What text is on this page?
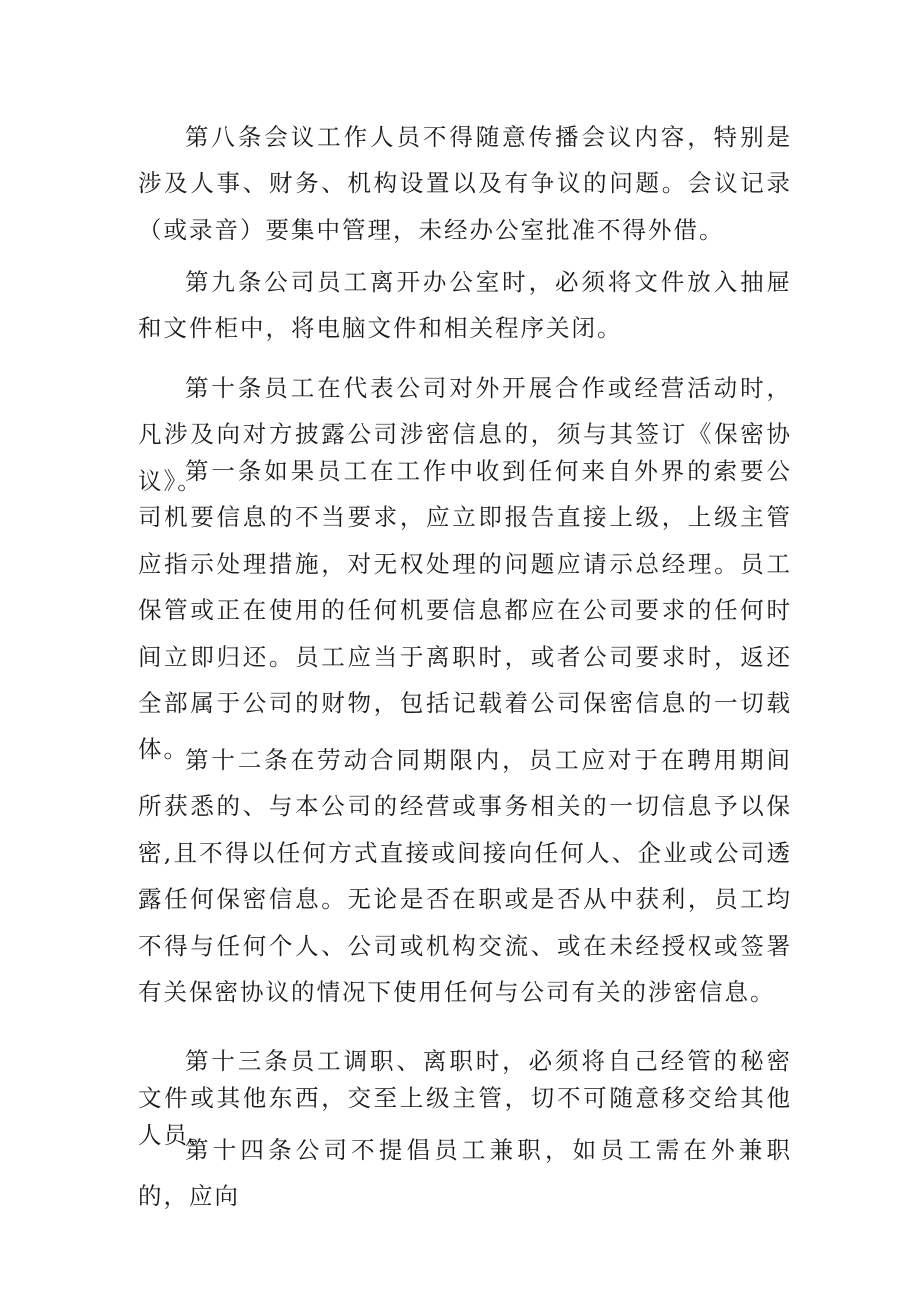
第八条会议工作人员不得随意传播会议内容，特别是涉及人事、财务、机构设置以及有争议的问题。会议记录（或录音）要集中管理，未经办公室批准不得外借。

第九条公司员工离开办公室时，必须将文件放入抽屉和文件柜中，将电脑文件和相关程序关闭。

第十条员工在代表公司对外开展合作或经营活动时，凡涉及向对方披露公司涉密信息的，须与其签订《保密协议》。

第一条如果员工在工作中收到任何来自外界的索要公司机要信息的不当要求，应立即报告直接上级，上级主管应指示处理措施，对无权处理的问题应请示总经理。员工保管或正在使用的任何机要信息都应在公司要求的任何时间立即归还。员工应当于离职时，或者公司要求时，返还全部属于公司的财物，包括记载着公司保密信息的一切载体。

第十二条在劳动合同期限内，员工应对于在聘用期间所获悉的、与本公司的经营或事务相关的一切信息予以保密,且不得以任何方式直接或间接向任何人、企业或公司透露任何保密信息。无论是否在职或是否从中获利，员工均不得与任何个人、公司或机构交流、或在未经授权或签署有关保密协议的情况下使用任何与公司有关的涉密信息。

第十三条员工调职、离职时，必须将自己经管的秘密文件或其他东西，交至上级主管，切不可随意移交给其他人员。

第十四条公司不提倡员工兼职，如员工需在外兼职的，应向
